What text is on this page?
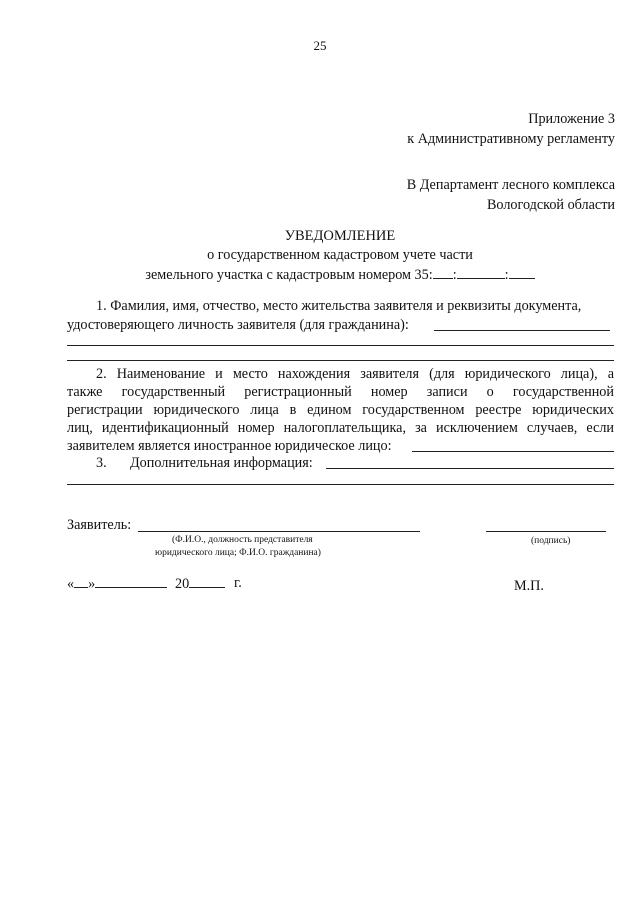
25
Приложение 3
к Административному регламенту
В Департамент лесного комплекса
Вологодской области
УВЕДОМЛЕНИЕ
о государственном кадастровом учете части
земельного участка с кадастровым номером 35: :	:
1. Фамилия, имя, отчество, место жительства заявителя и реквизиты документа,
удостоверяющего личность заявителя (для гражданина):
2. Наименование и место нахождения заявителя (для юридического лица), а
также государственный регистрационный номер записи о государственной
регистрации юридического лица в едином государственном реестре юридических
лиц, идентификационный номер налогоплательщика, за исключением случаев, если
заявителем является иностранное юридическое лицо:
3. Дополнительная информация:
Заявитель:
(Ф.И.О., должность представителя
юридического лица; Ф.И.О. гражданина)
(подпись)
« »	20	г.	М.П.
